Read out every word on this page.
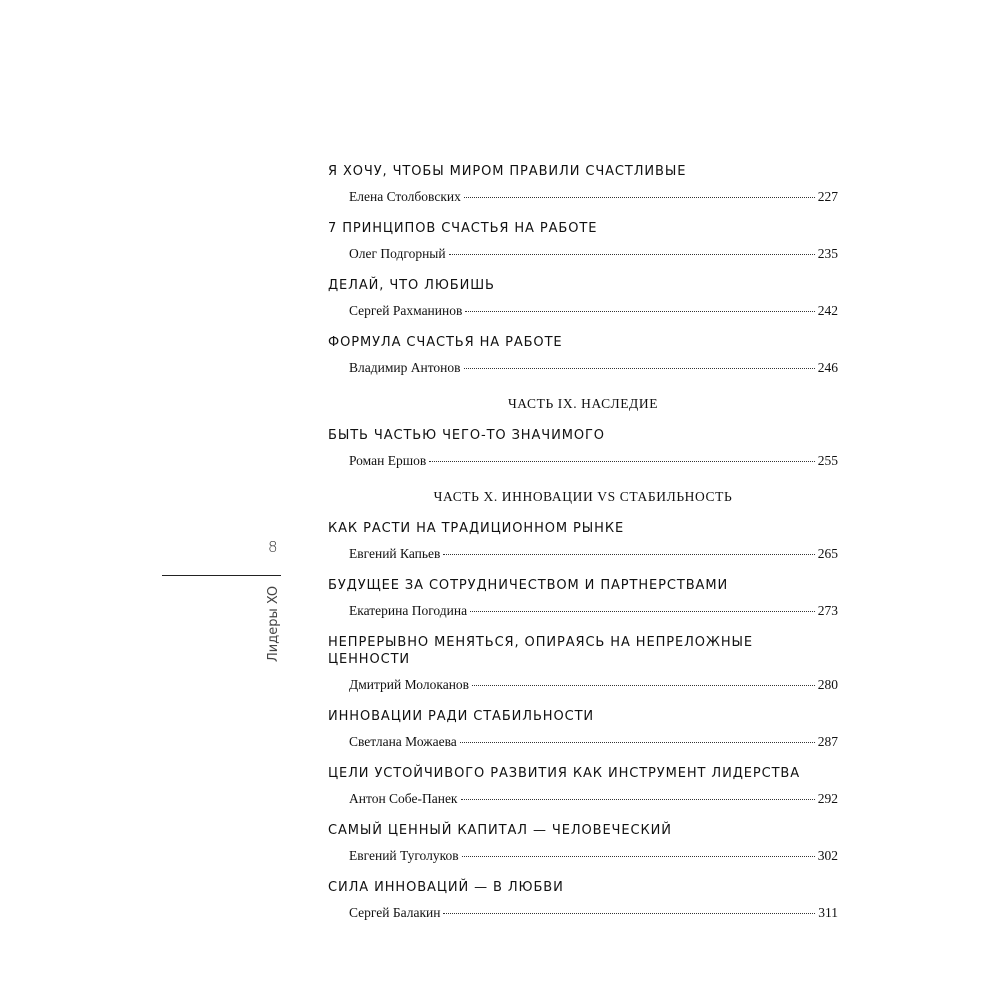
8
Лидеры XO
Я ХОЧУ, ЧТОБЫ МИРОМ ПРАВИЛИ СЧАСТЛИВЫЕ
Елена Столбовских	227
7 ПРИНЦИПОВ СЧАСТЬЯ НА РАБОТЕ
Олег Подгорный	235
ДЕЛАЙ, ЧТО ЛЮБИШЬ
Сергей Рахманинов	242
ФОРМУЛА СЧАСТЬЯ НА РАБОТЕ
Владимир Антонов	246
ЧАСТЬ IX. НАСЛЕДИЕ
БЫТЬ ЧАСТЬЮ ЧЕГО-ТО ЗНАЧИМОГО
Роман Ершов	255
ЧАСТЬ X. ИННОВАЦИИ VS СТАБИЛЬНОСТЬ
КАК РАСТИ НА ТРАДИЦИОННОМ РЫНКЕ
Евгений Капьев	265
БУДУЩЕЕ ЗА СОТРУДНИЧЕСТВОМ И ПАРТНЕРСТВАМИ
Екатерина Погодина	273
НЕПРЕРЫВНО МЕНЯТЬСЯ, ОПИРАЯСЬ НА НЕПРЕЛОЖНЫЕ ЦЕННОСТИ
Дмитрий Молоканов	280
ИННОВАЦИИ РАДИ СТАБИЛЬНОСТИ
Светлана Можаева	287
ЦЕЛИ УСТОЙЧИВОГО РАЗВИТИЯ КАК ИНСТРУМЕНТ ЛИДЕРСТВА
Антон Собе-Панек	292
САМЫЙ ЦЕННЫЙ КАПИТАЛ — ЧЕЛОВЕЧЕСКИЙ
Евгений Туголуков	302
СИЛА ИННОВАЦИЙ — В ЛЮБВИ
Сергей Балакин	311
